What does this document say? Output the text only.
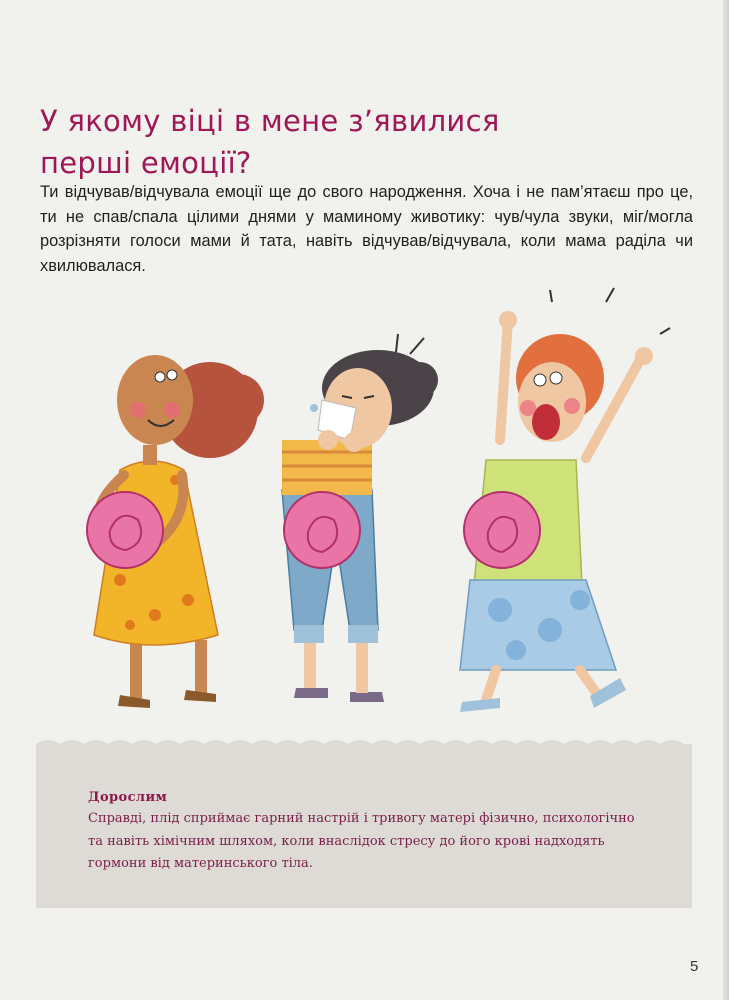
У якому віці в мене з’явилися
перші емоції?

Ти відчував/відчувала емоції ще до свого народження. Хоча і не пам’ятаєш про це, ти не спав/спала цілими днями у маминому животику: чув/чула звуки, міг/могла розрізняти голоси мами й тата, навіть відчував/відчувала, коли мама раділа чи хвилювалася.

Дорослим

Справді, плід сприймає гарний настрій і тривогу матері фізично, психологічно та навіть хімічним шляхом, коли внаслідок стресу до його крові надходять гормони від материнського тіла.

5
